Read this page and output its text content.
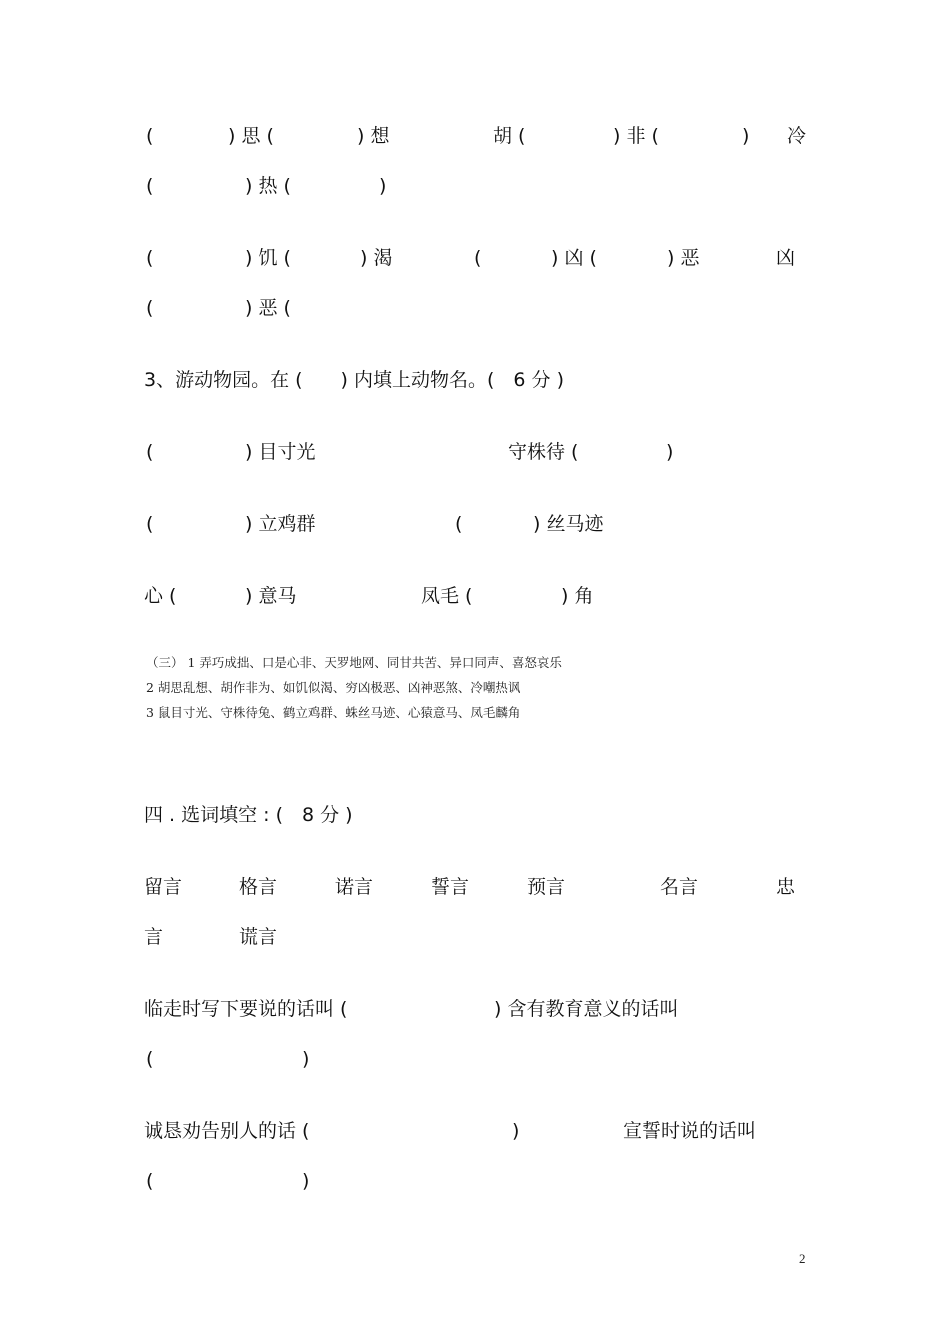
(	) 思 (	) 想	胡 (	) 非 (	) 冷
(	) 热 (	)
(	) 饥 (	) 渴	(	) 凶 (	) 恶	凶
(	) 恶 (
3、游动物园。在 (　　) 内填上动物名。(　6 分 )
(	) 目寸光	守株待 (	)
(	) 立鸡群	(	) 丝马迹
心 (	) 意马	凤毛 (	) 角
（三） 1 弄巧成拙、口是心非、天罗地网、同甘共苦、异口同声、喜怒哀乐
2 胡思乱想、胡作非为、如饥似渴、穷凶极恶、凶神恶煞、冷嘲热讽
3 鼠目寸光、守株待兔、鹤立鸡群、蛛丝马迹、心猿意马、凤毛麟角
四 . 选词填空 : (　8 分 )
留言	格言	诺言	誓言	预言	名言	忠
言	谎言
临走时写下要说的话叫 (	) 含有教育意义的话叫
(	)
诚恳劝告别人的话 (	)	宣誓时说的话叫
(	)
2
